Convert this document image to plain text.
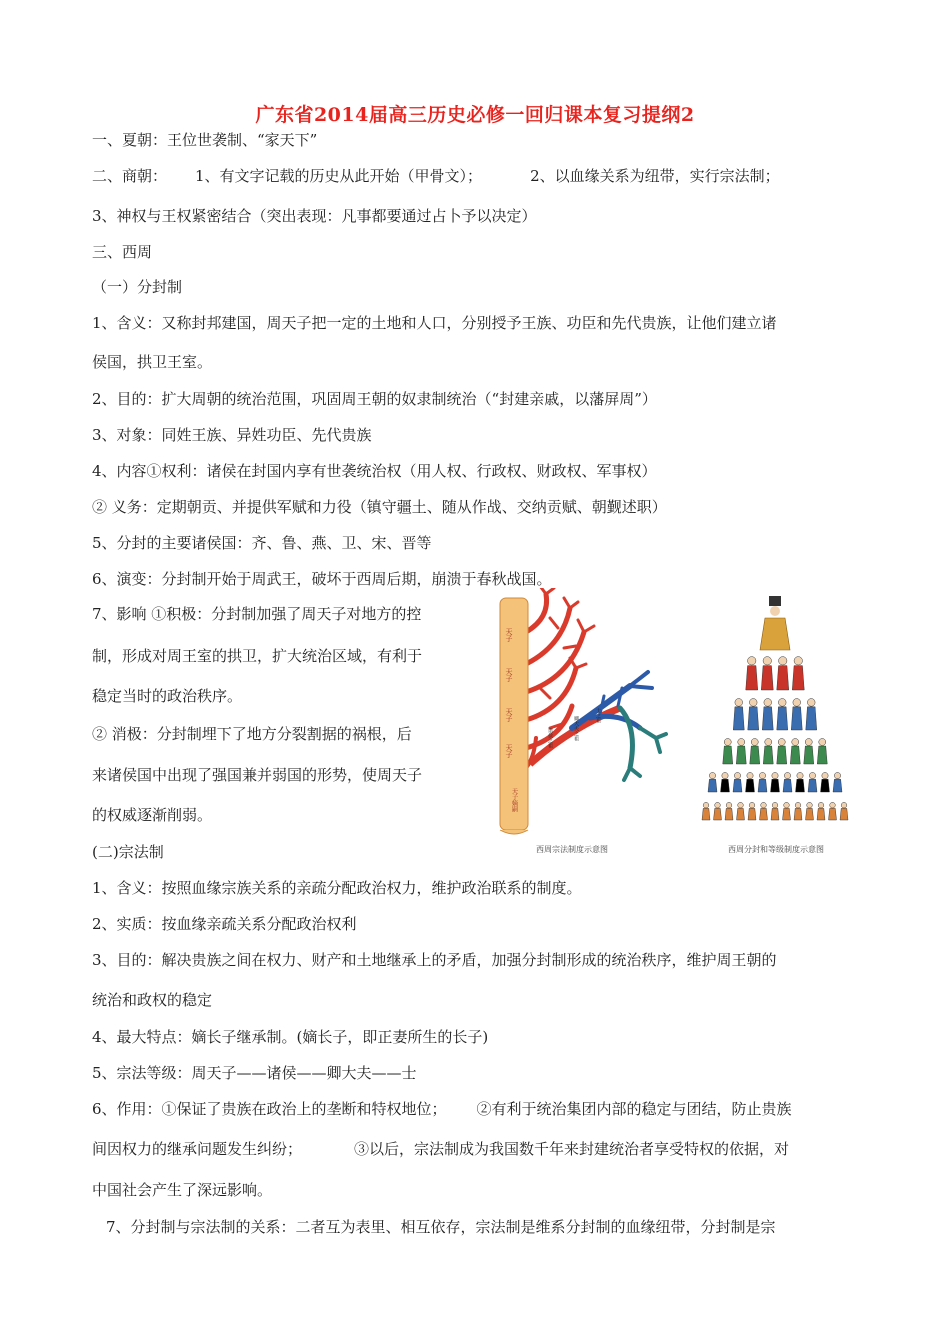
广东省2014届高三历史必修一回归课本复习提纲2
一、夏朝：王位世袭制、“家天下”
二、商朝： 1、有文字记载的历史从此开始（甲骨文）；	2、以血缘关系为纽带，实行宗法制；
3、神权与王权紧密结合（突出表现：凡事都要通过占卜予以决定）
三、西周
（一）分封制
1、含义：又称封邦建国，周天子把一定的土地和人口，分别授予王族、功臣和先代贵族，让他们建立诸
侯国，拱卫王室。
2、目的：扩大周朝的统治范围，巩固周王朝的奴隶制统治（“封建亲戚，以藩屏周”）
3、对象：同姓王族、异姓功臣、先代贵族
4、内容①权利：诸侯在封国内享有世袭统治权（用人权、行政权、财政权、军事权）
② 义务：定期朝贡、并提供军赋和力役（镇守疆土、随从作战、交纳贡赋、朝觐述职）
5、分封的主要诸侯国：齐、鲁、燕、卫、宋、晋等
6、演变：分封制开始于周武王，破坏于西周后期，崩溃于春秋战国。
7、影响 ①积极：分封制加强了周天子对地方的控
制，形成对周王室的拱卫，扩大统治区域，有利于
稳定当时的政治秩序。
② 消极：分封制埋下了地方分裂割据的祸根，后
来诸侯国中出现了强国兼并弱国的形势，使周天子
的权威逐渐削弱。
(二)宗法制
1、含义：按照血缘宗族关系的亲疏分配政治权力，维护政治联系的制度。
2、实质：按血缘亲疏关系分配政治权利
3、目的：解决贵族之间在权力、财产和土地继承上的矛盾，加强分封制形成的统治秩序，维护周王朝的
统治和政权的稳定
4、最大特点：嫡长子继承制。(嫡长子，即正妻所生的长子)
5、宗法等级：周天子——诸侯——卿大夫——士
6、作用：①保证了贵族在政治上的垄断和特权地位； ②有利于统治集团内部的稳定与团结，防止贵族
间因权力的继承问题发生纠纷；	③以后，宗法制成为我国数千年来封建统治者享受特权的依据，对
中国社会产生了深远影响。
7、分封制与宗法制的关系：二者互为表里、相互依存，宗法制是维系分封制的血缘纽带，分封制是宗
天子
天子
天子
天子
天子嫡嗣
诸侯之祖	卿大夫之祖
士之祖
西周宗法制度示意图	西周分封和等级制度示意图
